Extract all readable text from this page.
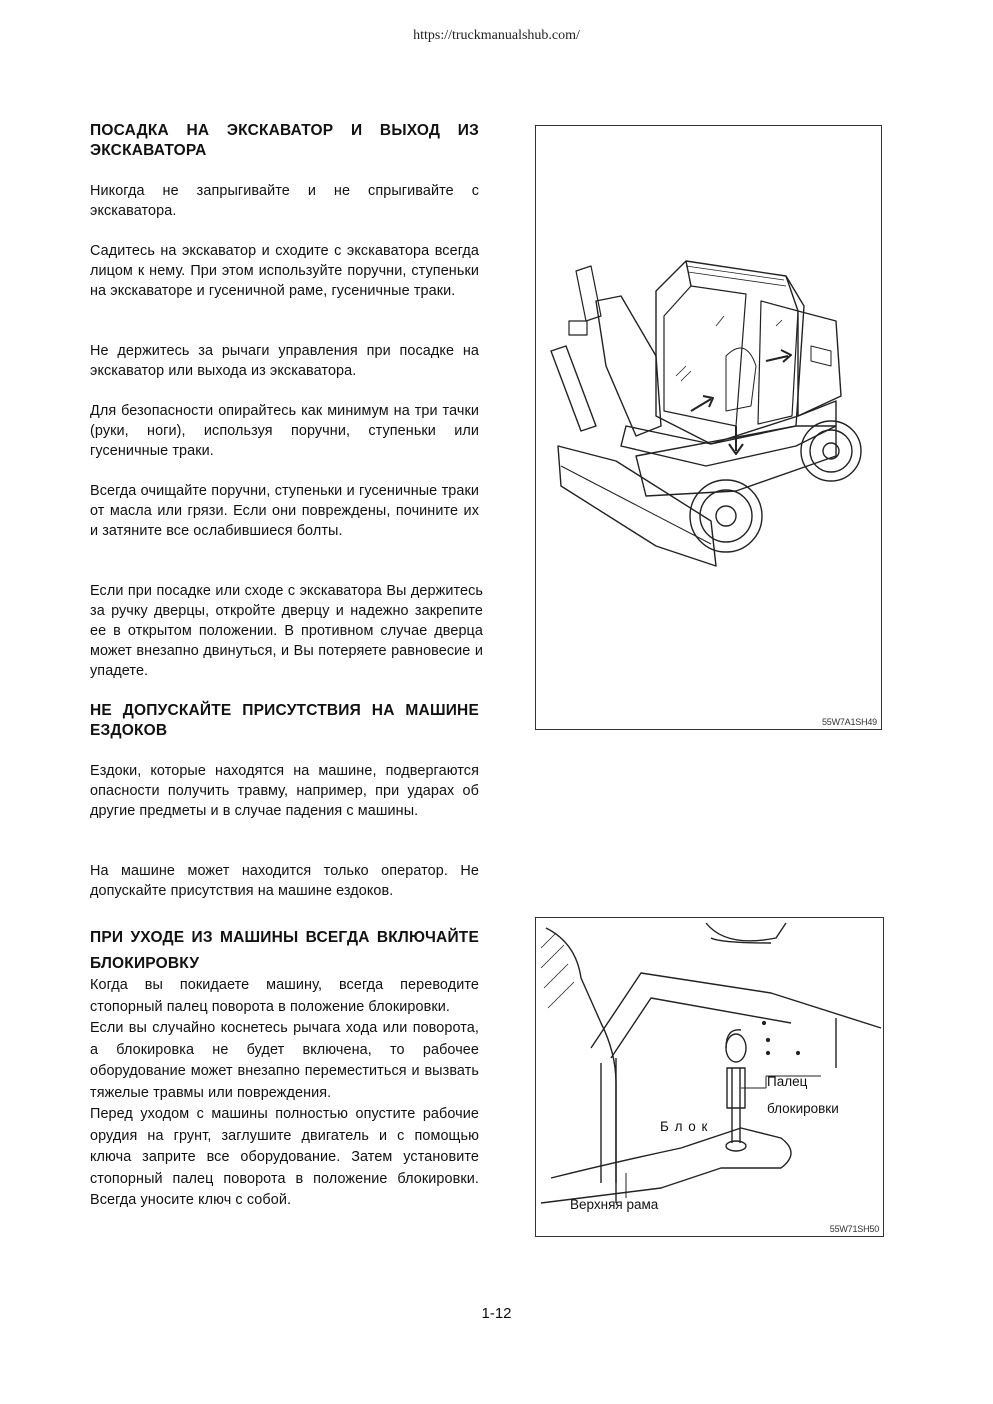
https://truckmanualshub.com/
ПОСАДКА НА ЭКСКАВАТОР И ВЫХОД ИЗ ЭКСКАВАТОРА

Никогда не запрыгивайте и не спрыгивайте с экскаватора.

Садитесь на экскаватор и сходите с экскаватора всегда лицом к нему. При этом используйте поручни, ступеньки на экскаваторе и гусеничной раме, гусеничные траки.

Не держитесь за рычаги управления при посадке на экскаватор или выхода из экскаватора.

Для безопасности опирайтесь как минимум на три тачки (руки, ноги), используя поручни, ступеньки или гусеничные траки.

Всегда очищайте поручни, ступеньки и гусеничные траки от масла или грязи. Если они повреждены, почините их и затяните все ослабившиеся болты.

Если при посадке или сходе с экскаватора Вы держитесь за ручку дверцы, откройте дверцу и надежно закрепите ее в открытом положении. В противном случае дверца может внезапно двинуться, и Вы потеряете равновесие и упадете.

НЕ ДОПУСКАЙТЕ ПРИСУТСТВИЯ НА МАШИНЕ ЕЗДОКОВ

Ездоки, которые находятся на машине, подвергаются опасности получить травму, например, при ударах об другие предметы и в случае падения с машины.

На машине может находится только оператор. Не допускайте присутствия на машине ездоков.

ПРИ УХОДЕ ИЗ МАШИНЫ ВСЕГДА ВКЛЮЧАЙТЕ БЛОКИРОВКУ

Когда вы покидаете машину, всегда переводите стопорный палец поворота в положение блокировки.

Если вы случайно коснетесь рычага хода или поворота, а блокировка не будет включена, то рабочее оборудование может внезапно переместиться и вызвать тяжелые травмы или повреждения.

Перед уходом с машины полностью опустите рабочие орудия на грунт, заглушите двигатель и с помощью ключа заприте все оборудование. Затем установите стопорный палец поворота в положение блокировки. Всегда уносите ключ с собой.

55W7A1SH49
Палец
блокировки
Б л о к
Верхняя рама
55W71SH50
1-12
